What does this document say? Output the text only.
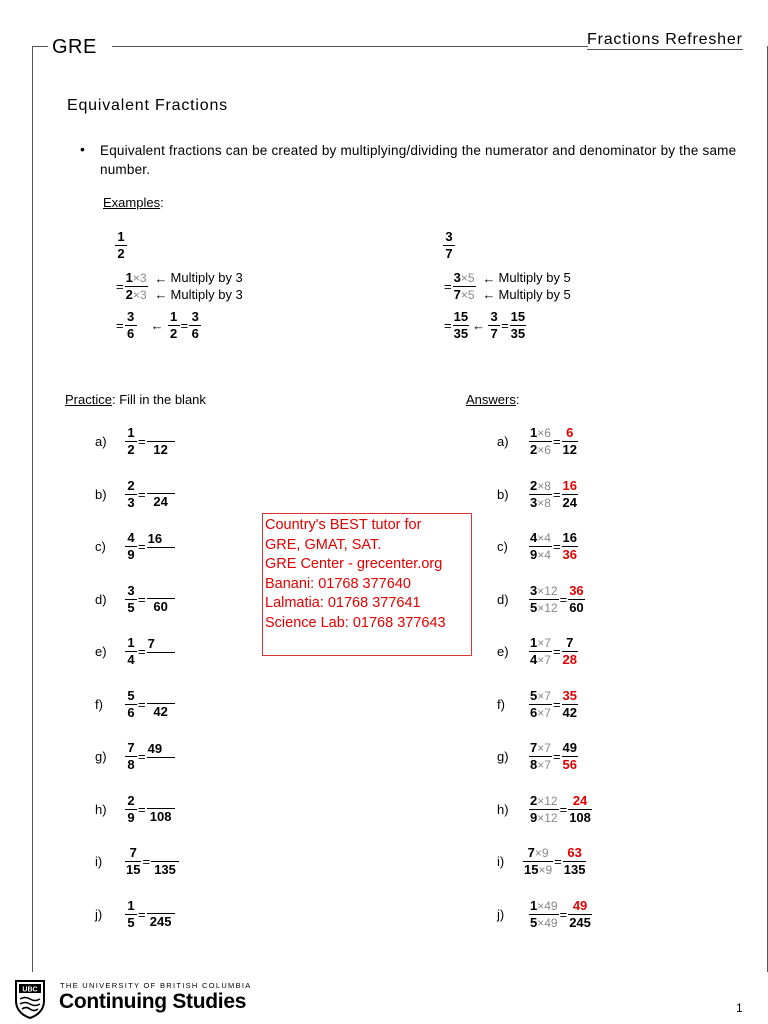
GRE	Fractions Refresher
Equivalent Fractions
• Equivalent fractions can be created by multiplying/dividing the numerator and denominator by the same number.
Examples:
$\frac{1}{2}$
= $\frac{1\times 3}{2\times 3}$ ← Multiply by 3
← Multiply by 3
= $\frac{3}{6}$	← $\frac{1}{2} = \frac{3}{6}$
$\frac{3}{7}$
= $\frac{3\times 5}{7\times 5}$ ← Multiply by 5
← Multiply by 5
= $\frac{15}{35}$ ← $\frac{3}{7} = \frac{15}{35}$
Practice: Fill in the blank	Answers:
a)	$\frac{1}{2} = 12$
b)	$\frac{2}{3} = 24$
c)	$\frac{4}{9}$ =
16
d)	$\frac{3}{5} = 60$
e)	$\frac{1}{4}$ =
7
f)	$\frac{5}{6} = 42$
g)	$\frac{7}{8}$ =
49
h)	$\frac{2}{9} = 108$
i)	$\frac{7}{15} = 135$
j)	$\frac{1}{5} = 245$
a)	$\frac{1\times 6}{2\times 6} = \frac{6}{12}$
b)	$\frac{2\times 8}{3\times 8} = \frac{16}{24}$
c)	$\frac{4\times 4}{9\times 4} = \frac{16}{36}$
d)	$\frac{3\times 12}{5\times 12} = \frac{36}{60}$
e)	$\frac{1\times 7}{4\times 7} = \frac{7}{28}$
f)	$\frac{5\times 7}{6\times 7} = \frac{35}{42}$
g)	$\frac{7\times 7}{8\times 7} = \frac{49}{56}$
h)	$\frac{2\times 12}{9\times 12} = \frac{24}{108}$
i)	$\frac{7\times 9}{15\times 9} = \frac{63}{135}$
j)	$\frac{1\times 49}{5\times 49} = \frac{49}{245}$
Country's BEST tutor for
GRE, GMAT, SAT.
GRE Center - grecenter.org
Banani: 01768 377640
Lalmatia: 01768 377641
Science Lab: 01768 377643
UBC	THE UNIVERSITY OF BRITISH COLUMBIA
Continuing Studies	1
